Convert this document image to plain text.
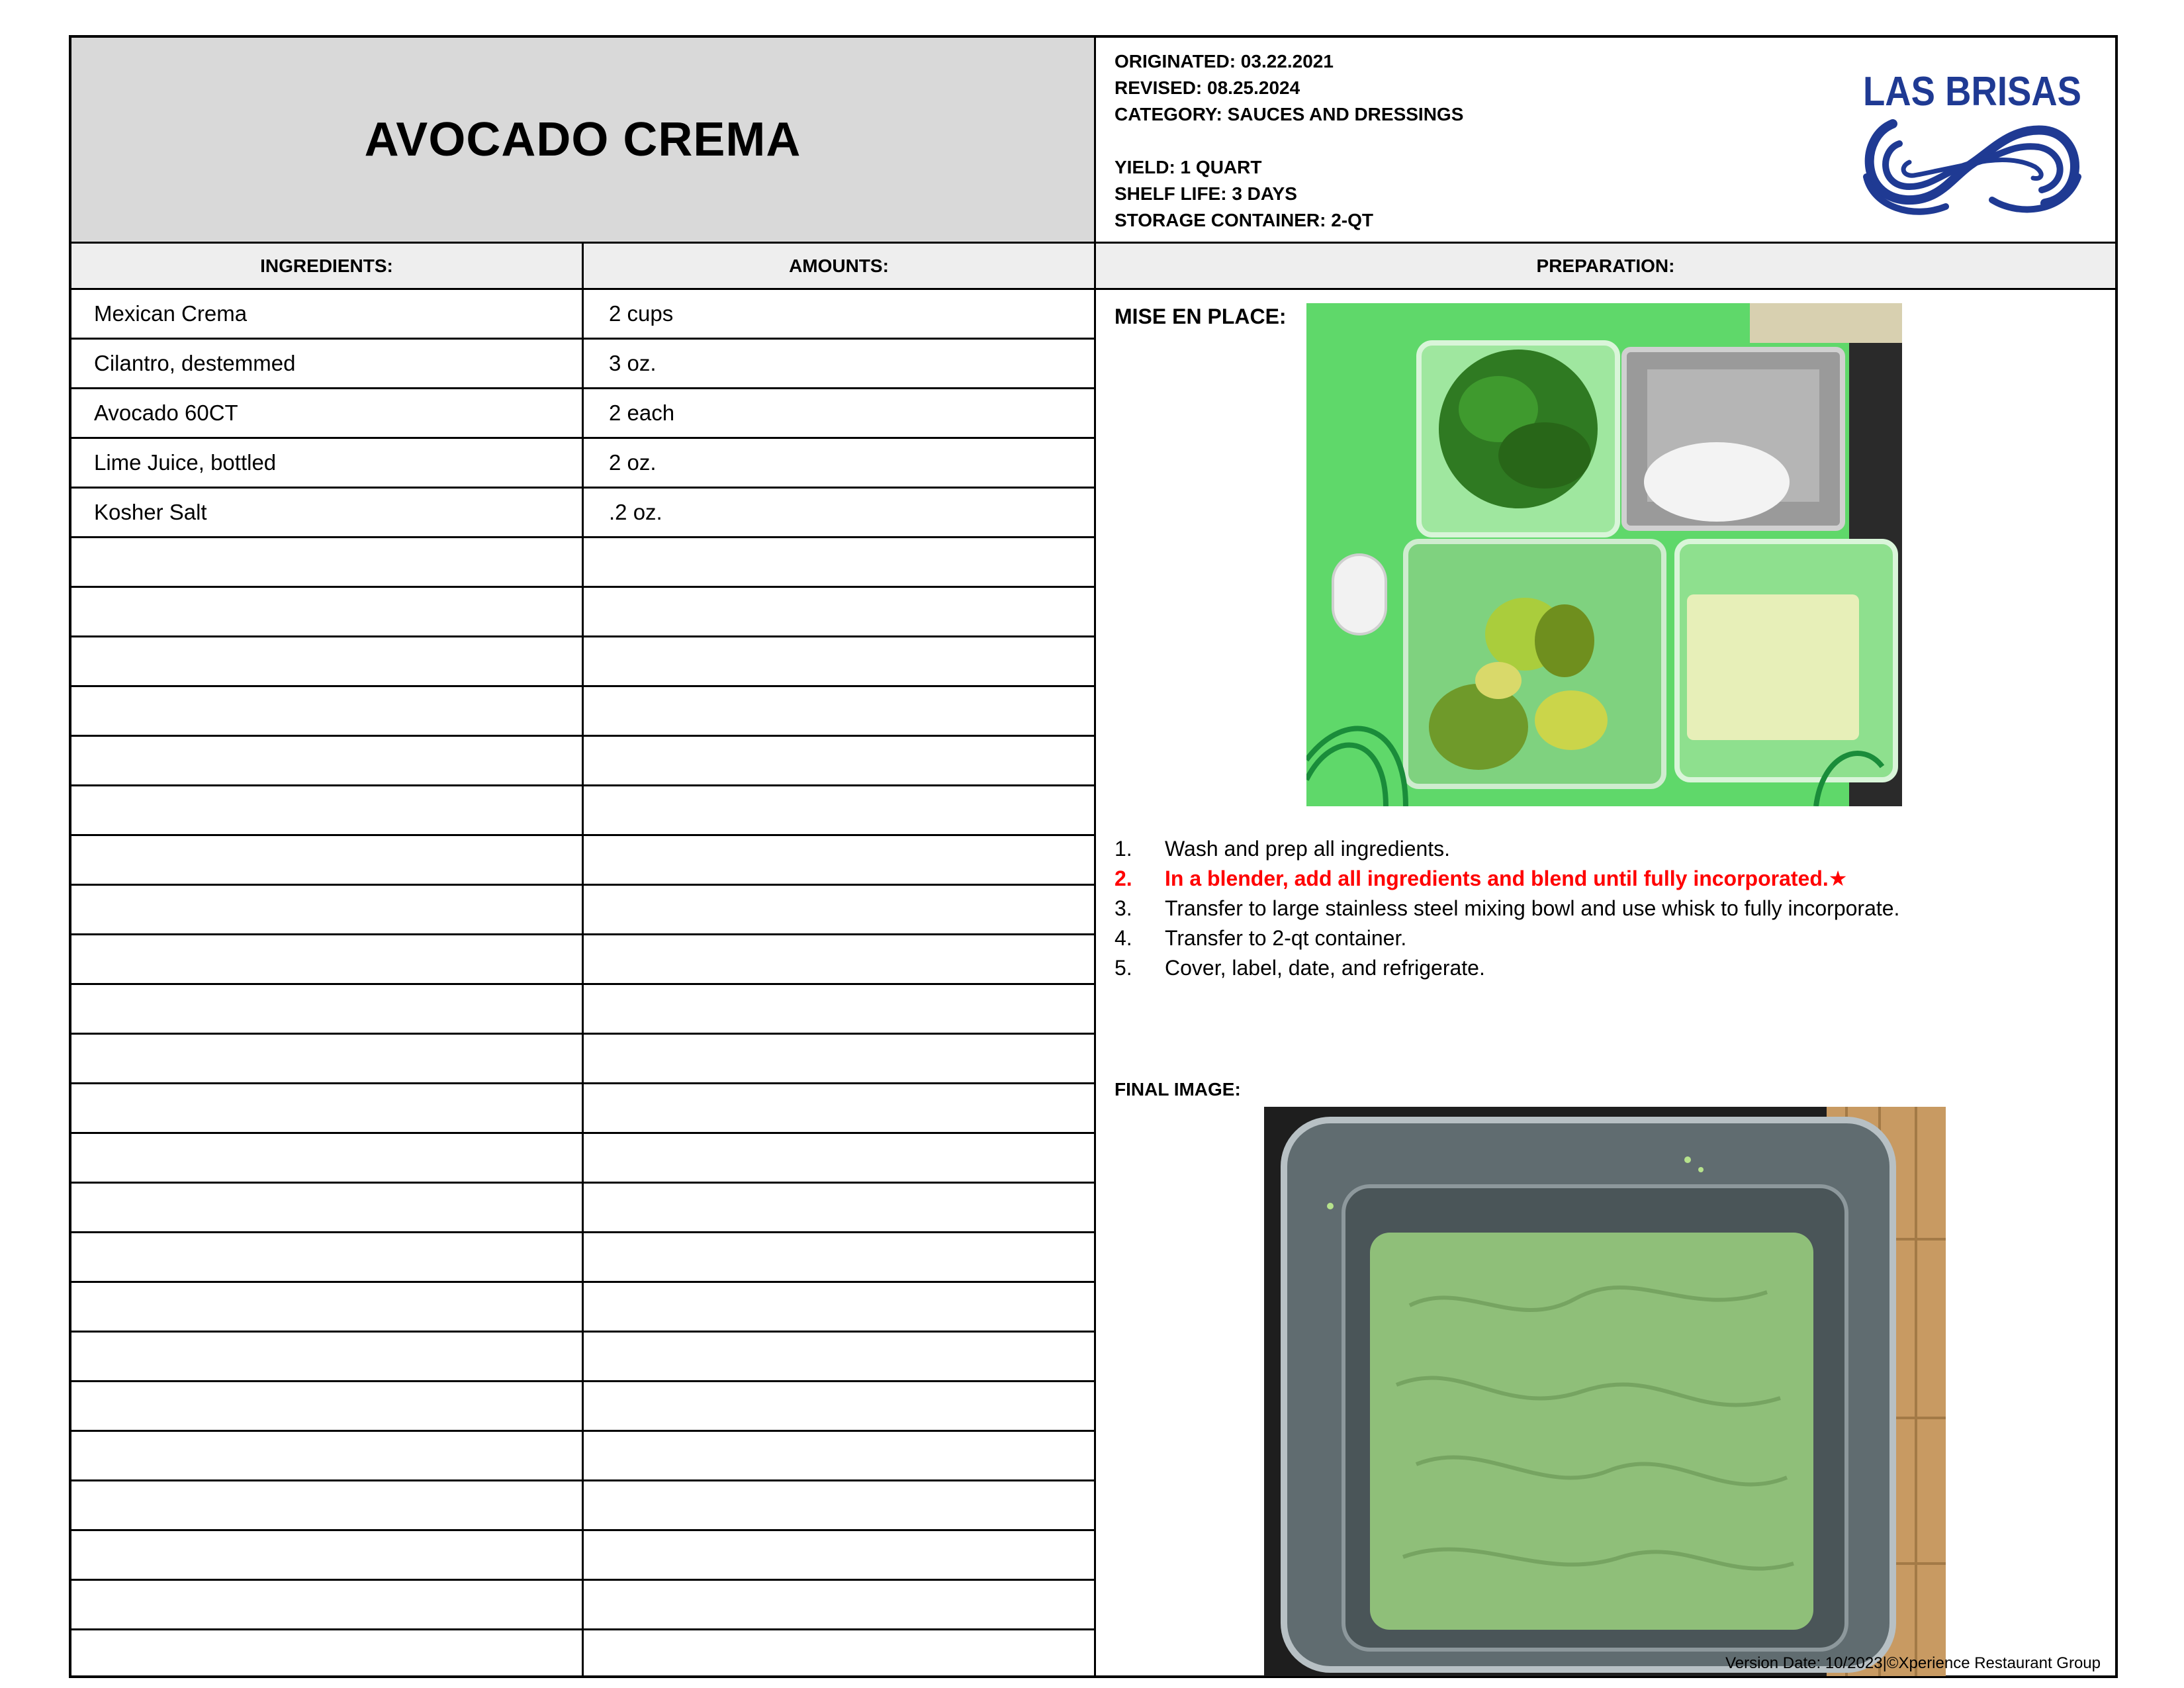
AVOCADO CREMA
ORIGINATED: 03.22.2021
REVISED: 08.25.2024
CATEGORY: SAUCES AND DRESSINGS
YIELD: 1 QUART
SHELF LIFE: 3 DAYS
STORAGE CONTAINER: 2-QT
LAS BRISAS
INGREDIENTS:	AMOUNTS:	PREPARATION:
Mexican Crema	2 cups
Cilantro, destemmed	3 oz.
Avocado 60CT	2 each
Lime Juice, bottled	2 oz.
Kosher Salt	.2 oz.
MISE EN PLACE:
1.	Wash and prep all ingredients.
2.	In a blender, add all ingredients and blend until fully incorporated.★
3.	Transfer to large stainless steel mixing bowl and use whisk to fully incorporate.
4.	Transfer to 2-qt container.
5.	Cover, label, date, and refrigerate.
FINAL IMAGE:
Version Date: 10/2023|©Xperience Restaurant Group
